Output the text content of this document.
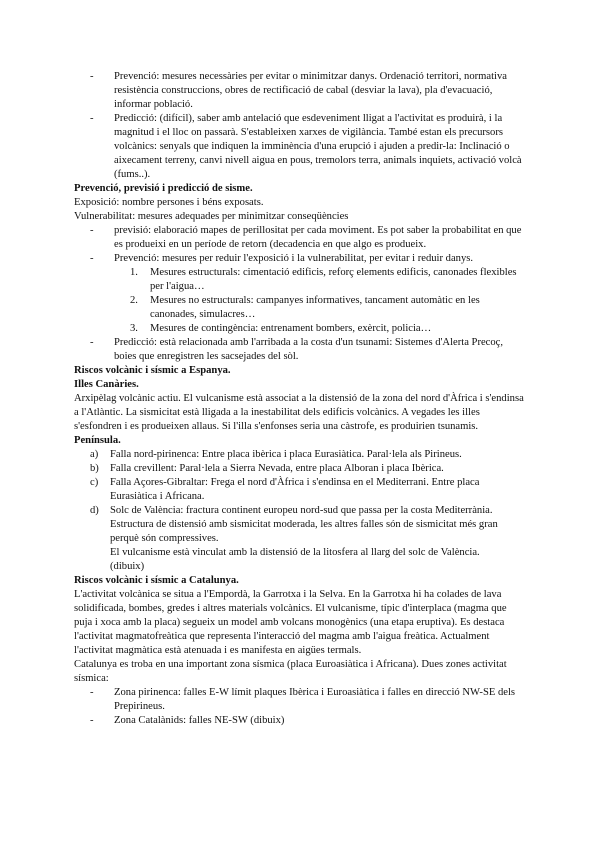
- Prevenció: mesures necessàries per evitar o minimitzar danys. Ordenació territori, normativa resistència construccions, obres de rectificació de cabal (desviar la lava), pla d'evacuació, informar població.

- Predicció: (difícil), saber amb antelació que esdeveniment lligat a l'activitat es produirà, i la magnitud i el lloc on passarà. S'estableixen xarxes de vigilància. També estan els precursors volcànics: senyals que indiquen la imminència d'una erupció i ajuden a predir-la: Inclinació o aixecament terreny, canvi nivell aigua en pous, tremolors terra, animals inquiets, activació volcà (fums..).

Prevenció, previsió i predicció de sisme.

Exposició: nombre persones i béns exposats.

Vulnerabilitat: mesures adequades per minimitzar conseqüències

- previsió: elaboració mapes de perillositat per cada moviment. Es pot saber la probabilitat en que es produeixi en un període de retorn (decadencia en que algo es produeix.

- Prevenció: mesures per reduir l'exposició i la vulnerabilitat, per evitar i reduir danys.

1. Mesures estructurals: cimentació edificis, reforç elements edificis, canonades flexibles per l'aigua…

2. Mesures no estructurals: campanyes informatives, tancament automàtic en les canonades, simulacres…

3. Mesures de contingència: entrenament bombers, exèrcit, policia…

- Predicció: està relacionada amb l'arribada a la costa d'un tsunami: Sistemes d'Alerta Precoç, boies que enregistren les sacsejades del sòl.

Riscos volcànic i sísmic a Espanya.

Illes Canàries.

Arxipèlag volcànic actiu. El vulcanisme està associat a la distensió de la zona del nord d'Àfrica i s'endinsa a l'Atlàntic. La sismicitat està lligada a la inestabilitat dels edificis volcànics. A vegades les illes s'esfondren i es produeixen allaus. Si l'illa s'enfonses seria una càstrofe, es produirien tsunamis.

Península.

a) Falla nord-pirinenca: Entre placa ibèrica i placa Eurasiàtica. Paral·lela als Pirineus.

b) Falla crevillent: Paral·lela a Sierra Nevada, entre placa Alboran i placa Ibèrica.

c) Falla Açores-Gibraltar: Frega el nord d'Àfrica i s'endinsa en el Mediterrani. Entre placa Eurasiàtica i Africana.

d) Solc de València: fractura continent europeu nord-sud que passa per la costa Mediterrània. Estructura de distensió amb sismicitat moderada, les altres falles són de sismicitat més gran perquè són compressives.

El vulcanisme està vinculat amb la distensió de la litosfera al llarg del solc de València.

(dibuix)

Riscos volcànic i sísmic a Catalunya.

L'activitat volcànica se situa a l'Empordà, la Garrotxa i la Selva. En la Garrotxa hi ha colades de lava solidificada, bombes, gredes i altres materials volcànics. El vulcanisme, típic d'interplaca (magma que puja i xoca amb la placa) segueix un model amb volcans monogènics (una etapa eruptiva). Es destaca l'activitat magmatofreàtica que representa l'interacció del magma amb l'aigua freàtica. Actualment l'activitat magmàtica està atenuada i es manifesta en aigües termals.

Catalunya es troba en una important zona sísmica (placa Euroasiàtica i Africana). Dues zones activitat sísmica:

- Zona pirinenca: falles E-W límit plaques Ibèrica i Euroasiàtica i falles en direcció NW-SE dels Prepirineus.

- Zona Catalànids: falles NE-SW (dibuix)
